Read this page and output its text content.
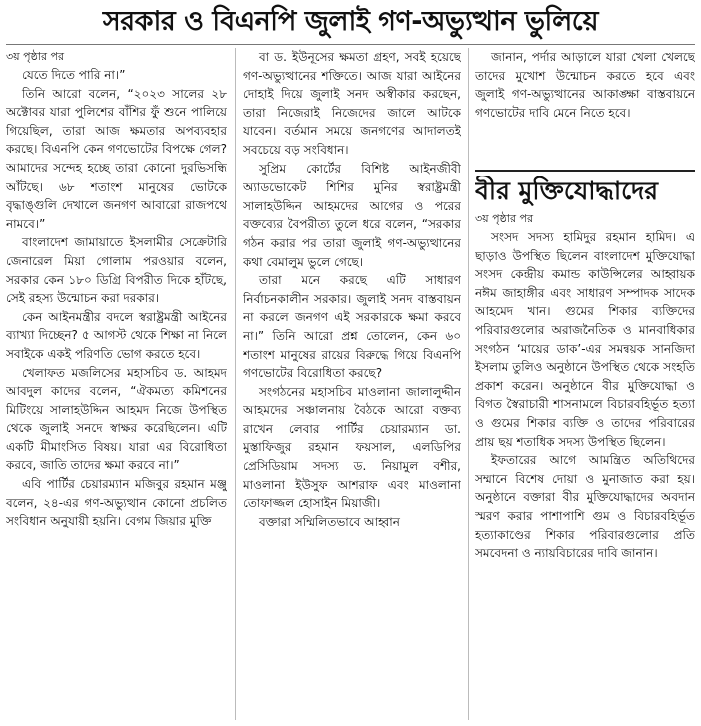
সরকার ও বিএনপি জুলাই গণ-অভ্যুত্থান ভুলিয়ে

৩য় পৃষ্ঠার পর

যেতে দিতে পারি না।”

তিনি আরো বলেন, “২০২৩ সালের ২৮ অক্টোবর যারা পুলিশের বাঁশির ফুঁ শুনে পালিয়ে গিয়েছিল, তারা আজ ক্ষমতার অপব্যবহার করছে। বিএনপি কেন গণভোটের বিপক্ষে গেল? আমাদের সন্দেহ হচ্ছে তারা কোনো দুরভিসন্ধি আঁটছে। ৬৮ শতাংশ মানুষের ভোটকে বৃদ্ধাঙ্গুলি দেখালে জনগণ আবারো রাজপথে নামবে।”

বাংলাদেশ জামায়াতে ইসলামীর সেক্রেটারি জেনারেল মিয়া গোলাম পরওয়ার বলেন, সরকার কেন ১৮০ ডিগ্রি বিপরীত দিকে হাঁটছে, সেই রহস্য উন্মোচন করা দরকার।

কেন আইনমন্ত্রীর বদলে স্বরাষ্ট্রমন্ত্রী আইনের ব্যাখ্যা দিচ্ছেন? ৫ আগস্ট থেকে শিক্ষা না নিলে সবাইকে একই পরিণতি ভোগ করতে হবে।

খেলাফত মজলিসের মহাসচিব ড. আহমদ আবদুল কাদের বলেন, “ঐকমত্য কমিশনের মিটিংয়ে সালাহউদ্দিন আহমদ নিজে উপস্থিত থেকে জুলাই সনদে স্বাক্ষর করেছিলেন। এটি একটি মীমাংসিত বিষয়। যারা এর বিরোধিতা করবে, জাতি তাদের ক্ষমা করবে না।”

এবি পার্টির চেয়ারম্যান মজিবুর রহমান মঞ্জু বলেন, ২৪-এর গণ-অভ্যুত্থান কোনো প্রচলিত সংবিধান অনুযায়ী হয়নি। বেগম জিয়ার মুক্তি

বা ড. ইউনূসের ক্ষমতা গ্রহণ, সবই হয়েছে গণ-অভ্যুত্থানের শক্তিতে। আজ যারা আইনের দোহাই দিয়ে জুলাই সনদ অস্বীকার করছেন, তারা নিজেরাই নিজেদের জালে আটকে যাবেন। বর্তমান সময়ে জনগণের আদালতই সবচেয়ে বড় সংবিধান।

সুপ্রিম কোর্টের বিশিষ্ট আইনজীবী অ্যাডভোকেট শিশির মুনির স্বরাষ্ট্রমন্ত্রী সালাহউদ্দিন আহমদের আগের ও পরের বক্তব্যের বৈপরীত্য তুলে ধরে বলেন, “সরকার গঠন করার পর তারা জুলাই গণ-অভ্যুত্থানের কথা বেমালুম ভুলে গেছে।

তারা মনে করছে এটি সাধারণ নির্বাচনকালীন সরকার। জুলাই সনদ বাস্তবায়ন না করলে জনগণ এই সরকারকে ক্ষমা করবে না।” তিনি আরো প্রশ্ন তোলেন, কেন ৬০ শতাংশ মানুষের রায়ের বিরুদ্ধে গিয়ে বিএনপি গণভোটের বিরোধিতা করছে?

সংগঠনের মহাসচিব মাওলানা জালালুদ্দীন আহমদের সঞ্চালনায় বৈঠকে আরো বক্তব্য রাখেন লেবার পার্টির চেয়ারম্যান ডা. মুস্তাফিজুর রহমান ফয়সাল, এলডিপির প্রেসিডিয়াম সদস্য ড. নিয়ামুল বশীর, মাওলানা ইউসুফ আশরাফ এবং মাওলানা তোফাজ্জল হোসাইন মিয়াজী।

বক্তারা সম্মিলিতভাবে আহ্বান

জানান, পর্দার আড়ালে যারা খেলা খেলছে তাদের মুখোশ উন্মোচন করতে হবে এবং জুলাই গণ-অভ্যুত্থানের আকাঙ্ক্ষা বাস্তবায়নে গণভোটের দাবি মেনে নিতে হবে।

বীর মুক্তিযোদ্ধাদের

৩য় পৃষ্ঠার পর

সংসদ সদস্য হামিদুর রহমান হামিদ। এ ছাড়াও উপস্থিত ছিলেন বাংলাদেশ মুক্তিযোদ্ধা সংসদ কেন্দ্রীয় কমান্ড কাউন্সিলের আহ্বায়ক নঈম জাহাঙ্গীর এবং সাধারণ সম্পাদক সাদেক আহমেদ খান। গুমের শিকার ব্যক্তিদের পরিবারগুলোর অরাজনৈতিক ও মানবাধিকার সংগঠন ‘মায়ের ডাক’-এর সমন্বয়ক সানজিদা ইসলাম তুলিও অনুষ্ঠানে উপস্থিত থেকে সংহতি প্রকাশ করেন। অনুষ্ঠানে বীর মুক্তিযোদ্ধা ও বিগত স্বৈরাচারী শাসনামলে বিচারবহির্ভূত হত্যা ও গুমের শিকার ব্যক্তি ও তাদের পরিবারের প্রায় ছয় শতাধিক সদস্য উপস্থিত ছিলেন।

ইফতারের আগে আমন্ত্রিত অতিথিদের সম্মানে বিশেষ দোয়া ও মুনাজাত করা হয়। অনুষ্ঠানে বক্তারা বীর মুক্তিযোদ্ধাদের অবদান স্মরণ করার পাশাপাশি গুম ও বিচারবহির্ভূত হত্যাকাণ্ডের শিকার পরিবারগুলোর প্রতি সমবেদনা ও ন্যায়বিচারের দাবি জানান।
